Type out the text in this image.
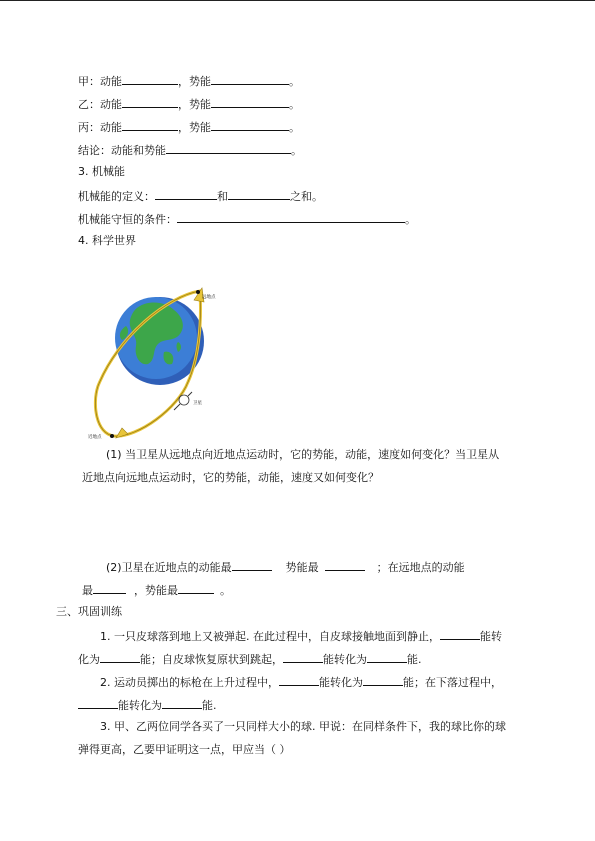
甲：动能	，势能	。
乙：动能	，势能	。
丙：动能	，势能	。
结论：动能和势能	。
3. 机械能
机械能的定义：	和	之和。
机械能守恒的条件：	。
4. 科学世界
远地点
卫星
近地点
(1) 当卫星从远地点向近地点运动时，它的势能，动能，速度如何变化？当卫星从
近地点向远地点运动时，它的势能，动能，速度又如何变化？
(2)卫星在近地点的动能最	势能最	；在远地点的动能
最	，势能最	。
三、巩固训练
1. 一只皮球落到地上又被弹起. 在此过程中，自皮球接触地面到静止，	能转
化为	能；自皮球恢复原状到跳起，	能转化为	能.
2. 运动员掷出的标枪在上升过程中，	能转化为	能；在下落过程中，
能转化为	能.
3. 甲、乙两位同学各买了一只同样大小的球. 甲说：在同样条件下，我的球比你的球
弹得更高，乙要甲证明这一点，甲应当（ ）
